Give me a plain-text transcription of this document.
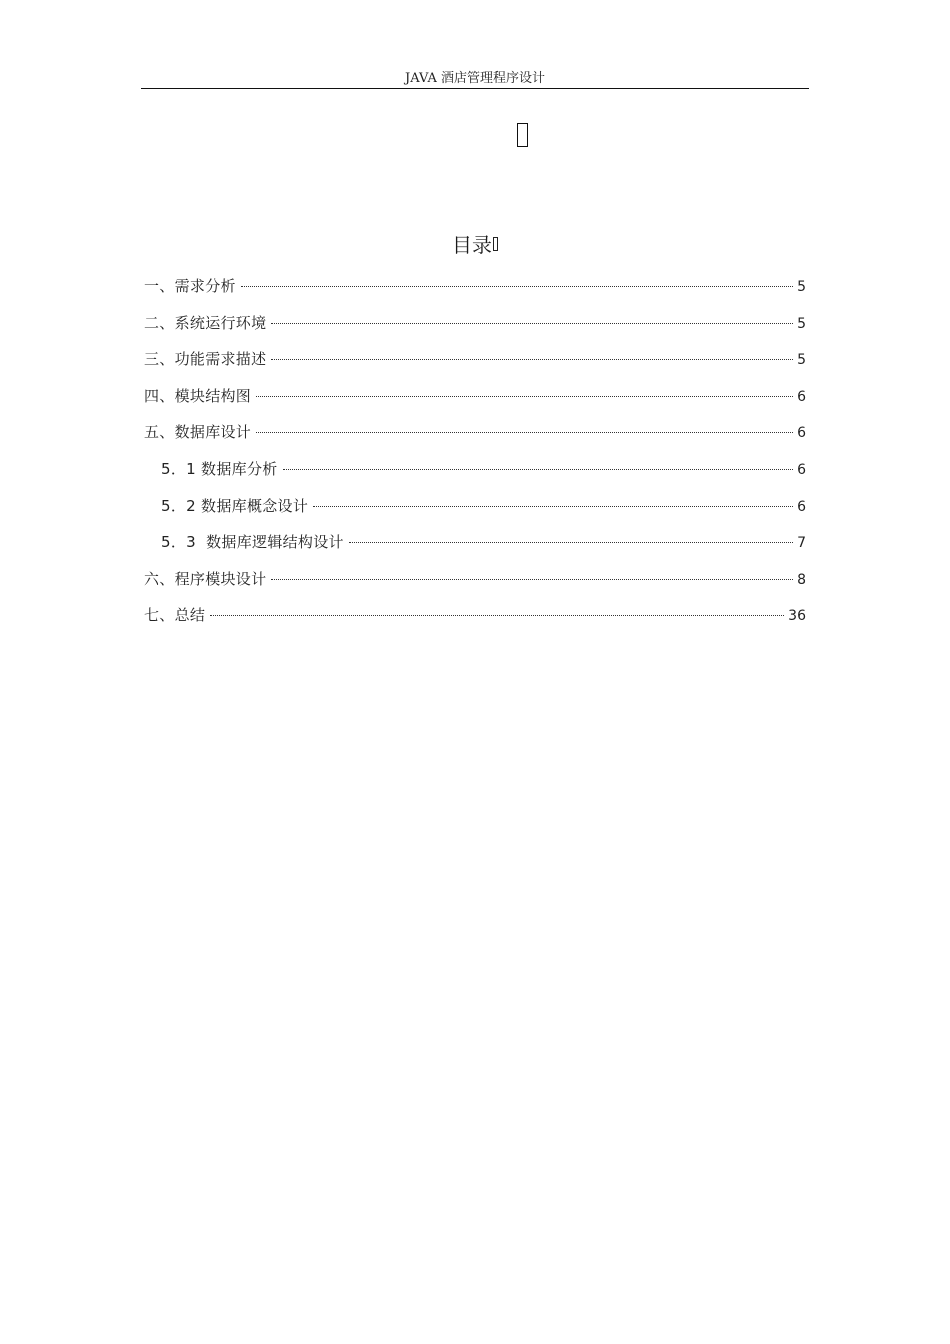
JAVA 酒店管理程序设计
目录
一、需求分析	5
二、系统运行环境	5
三、功能需求描述	5
四、模块结构图	6
五、数据库设计	6
5．1 数据库分析	6
5．2 数据库概念设计	6
5．3  数据库逻辑结构设计	7
六、程序模块设计	8
七、总结	36
